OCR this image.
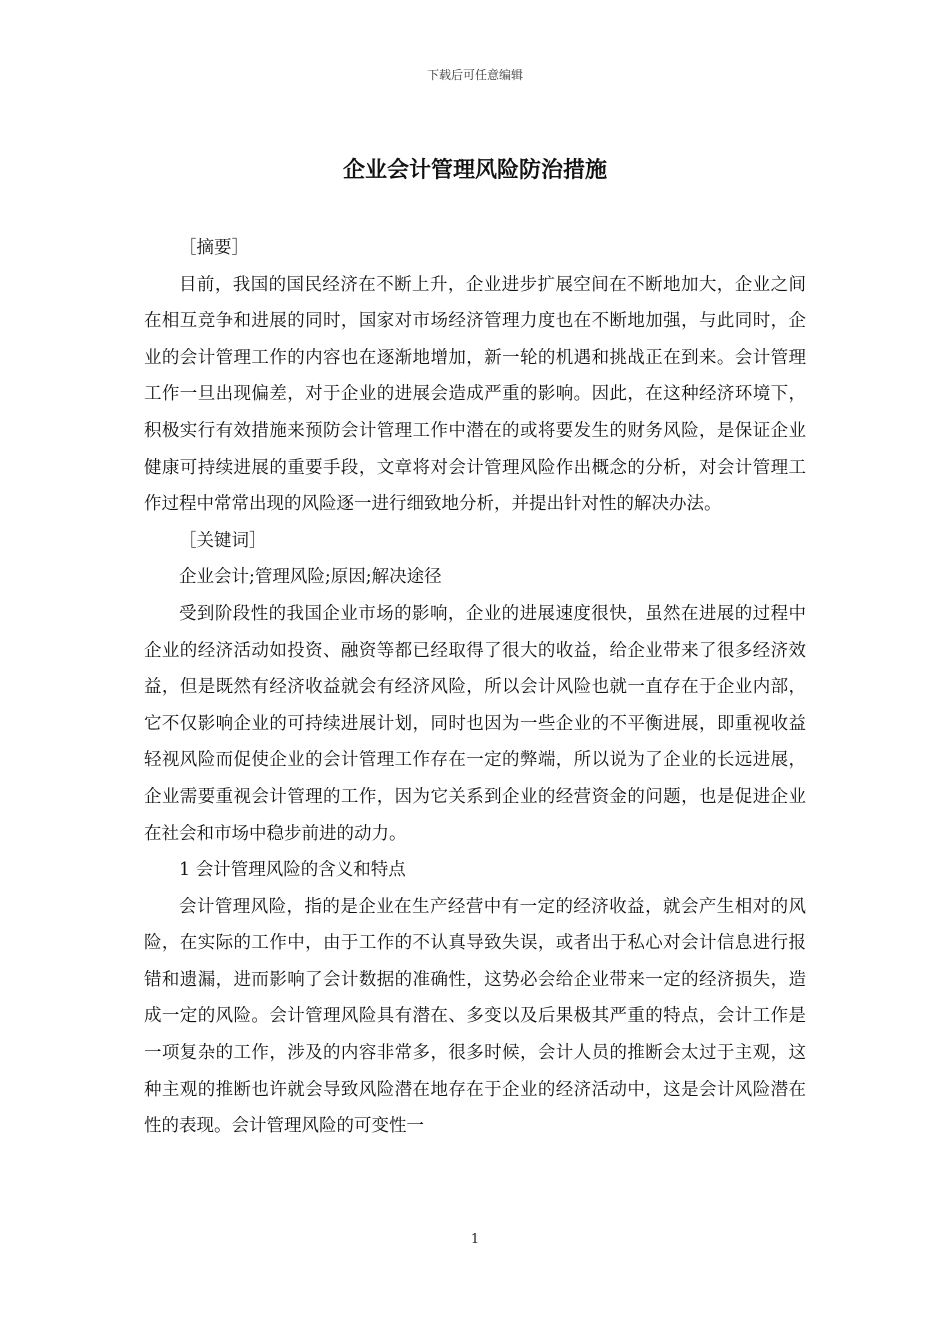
下载后可任意编辑
企业会计管理风险防治措施

［摘要］

目前，我国的国民经济在不断上升，企业进步扩展空间在不断地加大，企业之间在相互竞争和进展的同时，国家对市场经济管理力度也在不断地加强，与此同时，企业的会计管理工作的内容也在逐渐地增加，新一轮的机遇和挑战正在到来。会计管理工作一旦出现偏差，对于企业的进展会造成严重的影响。因此，在这种经济环境下，积极实行有效措施来预防会计管理工作中潜在的或将要发生的财务风险，是保证企业健康可持续进展的重要手段，文章将对会计管理风险作出概念的分析，对会计管理工作过程中常常出现的风险逐一进行细致地分析，并提出针对性的解决办法。

［关键词］

企业会计;管理风险;原因;解决途径

受到阶段性的我国企业市场的影响，企业的进展速度很快，虽然在进展的过程中企业的经济活动如投资、融资等都已经取得了很大的收益，给企业带来了很多经济效益，但是既然有经济收益就会有经济风险，所以会计风险也就一直存在于企业内部，它不仅影响企业的可持续进展计划，同时也因为一些企业的不平衡进展，即重视收益轻视风险而促使企业的会计管理工作存在一定的弊端，所以说为了企业的长远进展，企业需要重视会计管理的工作，因为它关系到企业的经营资金的问题，也是促进企业在社会和市场中稳步前进的动力。

1 会计管理风险的含义和特点

会计管理风险，指的是企业在生产经营中有一定的经济收益，就会产生相对的风险，在实际的工作中，由于工作的不认真导致失误，或者出于私心对会计信息进行报错和遗漏，进而影响了会计数据的准确性，这势必会给企业带来一定的经济损失，造成一定的风险。会计管理风险具有潜在、多变以及后果极其严重的特点，会计工作是一项复杂的工作，涉及的内容非常多，很多时候，会计人员的推断会太过于主观，这种主观的推断也许就会导致风险潜在地存在于企业的经济活动中，这是会计风险潜在性的表现。会计管理风险的可变性一

1
